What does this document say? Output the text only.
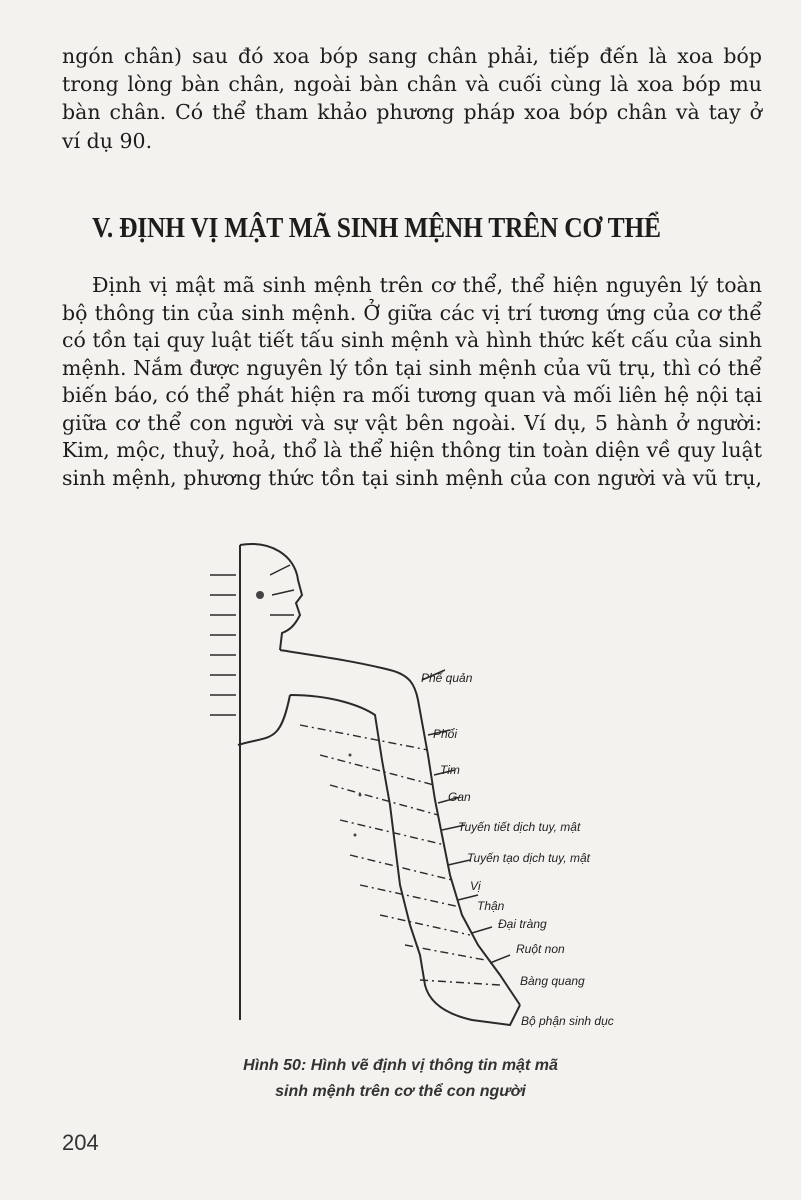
ngón chân) sau đó xoa bóp sang chân phải, tiếp đến là xoa bóp
trong lòng bàn chân, ngoài bàn chân và cuối cùng là xoa bóp mu
bàn chân. Có thể tham khảo phương pháp xoa bóp chân và tay ở
ví dụ 90.
V. ĐỊNH VỊ MẬT MÃ SINH MỆNH TRÊN CƠ THỂ
Định vị mật mã sinh mệnh trên cơ thể, thể hiện nguyên lý toàn
bộ thông tin của sinh mệnh. Ở giữa các vị trí tương ứng của cơ thể
có tồn tại quy luật tiết tấu sinh mệnh và hình thức kết cấu của sinh
mệnh. Nắm được nguyên lý tồn tại sinh mệnh của vũ trụ, thì có thể
biến báo, có thể phát hiện ra mối tương quan và mối liên hệ nội tại
giữa cơ thể con người và sự vật bên ngoài. Ví dụ, 5 hành ở người:
Kim, mộc, thuỷ, hoả, thổ là thể hiện thông tin toàn diện về quy luật
sinh mệnh, phương thức tồn tại sinh mệnh của con người và vũ trụ,
Phế quản
Phổi
Tim
Gan
Tuyến tiết dịch tuy, mật
Tuyến tạo dịch tuy, mật
Vị
Thận
Đại tràng
Ruột non
Bàng quang
Bộ phận sinh dục
Hình 50: Hình vẽ định vị thông tin mật mã
sinh mệnh trên cơ thể con người
204
